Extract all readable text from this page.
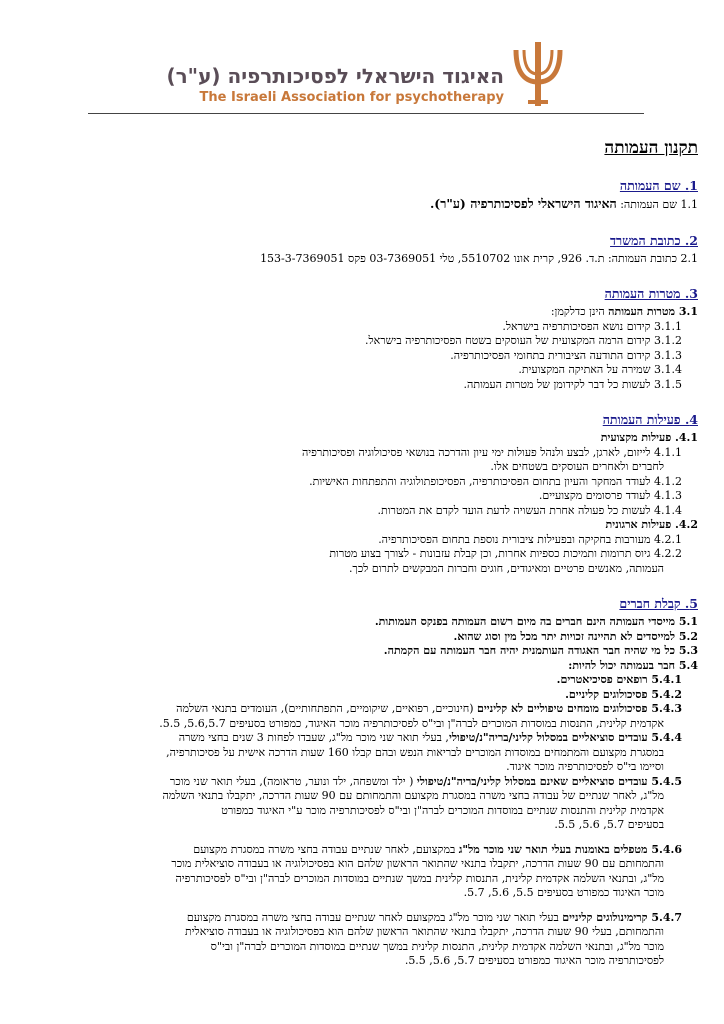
האיגוד הישראלי לפסיכותרפיה (ע"ר)
The Israeli Association for psychotherapy
תקנון העמותה
1. שם העמותה
1.1 שם העמותה: האיגוד הישראלי לפסיכותרפיה (ע"ר).
2. כתובת המשרד
2.1 כתובת העמותה: ת.ד. 926, קרית אונו 5510702, טלי 03-7369051 פקס 153-3-7369051
3. מטרות העמותה
3.1 מטרות העמותה הינן כדלקמן:
3.1.1 קידום נושא הפסיכותרפיה בישראל.
3.1.2 קידום הרמה המקצועית של העוסקים בשטח הפסיכותרפיה בישראל.
3.1.3 קידום התודעה הציבורית בתחומי הפסיכותרפיה.
3.1.4 שמירה על האתיקה המקצועית.
3.1.5 לעשות כל דבר לקידומן של מטרות העמותה.
4. פעילות העמותה
4.1. פעילות מקצועית
4.1.1 לייזום, לארגן, לבצע ולנהל פעולות ימי עיון והדרכה בנושאי פסיכולוגיה ופסיכותרפיה
לחברים ולאחרים העוסקים בשטחים אלו.
4.1.2 לעודד המחקר והעיון בתחום הפסיכותרפיה, הפסיכופתולוגיה והתפתחות האישיות.
4.1.3 לעודד פרסומים מקצועיים.
4.1.4 לעשות כל פעולה אחרת העשויה לדעת הועד לקדם את המטרות.
4.2. פעילות ארגונית
4.2.1 מעורבות בחקיקה ובפעילות ציבורית נוספת בתחום הפסיכותרפיה.
4.2.2 גיוס תרומות ותמיכות כספיות אחרות, וכן קבלת עזבונות - לצורך בצוע מטרות
העמותה, מאנשים פרטיים ומאיגודים, חוגים וחברות המבקשים לתרום לכך.
5. קבלת חברים
5.1 מייסדי העמותה הינם חברים בה מיום רשום העמותה בפנקס העמותות.
5.2 למייסדים לא תהיינה זכויות יתר מכל מין וסוג שהוא.
5.3 כל מי שהיה חבר האגודה העותמנית יהיה חבר העמותה עם הקמתה.
5.4 חבר בעמותה יכול להיות:
5.4.1 רופאים פסיכיאטרים.
5.4.2 פסיכולוגים קליניים.
5.4.3 פסיכולוגים מומחים טיפוליים לא קליניים (חינוכיים, רפואיים, שיקומיים, התפתחותיים), העומדים בתנאי השלמה
אקדמית קלינית, התנסות במוסדות המוכרים לברה"ן ובי"ס לפסיכותרפיה מוכר האיגוד, כמפורט בסעיפים 5.6,5.7, 5.5.
5.4.4 עובדים סוציאליים במסלול קליני/בריה"נ/טיפולי, בעלי תואר שני מוכר מל"ג, שעבדו לפחות 3 שנים בחצי משרה
במסגרת מקצועם והמתמחים במוסדות המוכרים לבריאות הנפש ובהם קבלו 160 שעות הדרכה אישית על פסיכותרפיה,
וסיימו בי"ס לפסיכותרפיה מוכר איגוד.
5.4.5 עובדים סוציאליים שאינם במסלול קליני/בריה"נ/טיפולי ( ילד ומשפחה, ילד ונוער, טראומה), בעלי תואר שני מוכר
מל"ג, לאחר שנתיים של עבודה בחצי משרה במסגרת מקצועם והתמחותם עם 90 שעות הדרכה, יתקבלו בתנאי השלמה
אקדמית קלינית והתנסות שנתיים במוסדות המוכרים לברה"ן ובי"ס לפסיכותרפיה מוכר ע"י האיגוד כמפורט
בסעיפים 5.7, 5.6, 5.5.
5.4.6 מטפלים באומנות בעלי תואר שני מוכר מל"ג במקצועם, לאחר שנתיים עבודה בחצי משרה במסגרת מקצועם
והתמחותם עם 90 שעות הדרכה, יתקבלו בתנאי שהתואר הראשון שלהם הוא בפסיכולוגיה או בעבודה סוציאלית מוכר
מל"ג, ובתנאי השלמה אקדמית קלינית, התנסות קלינית במשך שנתיים במוסדות המוכרים לברה"ן ובי"ס לפסיכותרפיה
מוכר האיגוד כמפורט בסעיפים 5.5, 5.6, 5.7.
5.4.7 קרימינולוגים קליניים בעלי תואר שני מוכר מל"ג במקצועם לאחר שנתיים עבודה בחצי משרה במסגרת מקצועם
והתמחותם, בעלי 90 שעות הדרכה, יתקבלו בתנאי שהתואר הראשון שלהם הוא בפסיכולוגיה או בעבודה סוציאלית
מוכר מל"ג, ובתנאי השלמה אקדמית קלינית, התנסות קלינית במשך שנתיים במוסדות המוכרים לברה"ן ובי"ס
לפסיכותרפיה מוכר האיגוד כמפורט בסעיפים 5.7, 5.6, 5.5.
